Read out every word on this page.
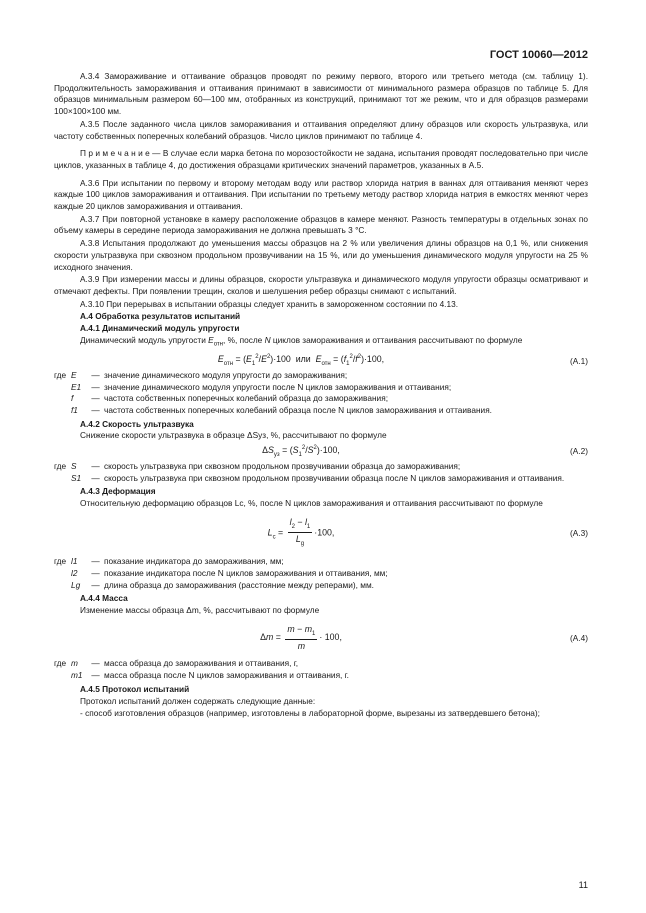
ГОСТ 10060—2012

А.3.4 Замораживание и оттаивание образцов проводят по режиму первого, второго или третьего метода (см. таблицу 1). Продолжительность замораживания и оттаивания принимают в зависимости от минимального размера образцов по таблице 5. Для образцов минимальным размером 60—100 мм, отобранных из конструкций, принимают тот же режим, что и для образцов размерами 100×100×100 мм.

А.3.5 После заданного числа циклов замораживания и оттаивания определяют длину образцов или скорость ультразвука, или частоту собственных поперечных колебаний образцов. Число циклов принимают по таблице 4.

П р и м е ч а н и е — В случае если марка бетона по морозостойкости не задана, испытания проводят последовательно при числе циклов, указанных в таблице 4, до достижения образцами критических значений параметров, указанных в А.5.

А.3.6 При испытании по первому и второму методам воду или раствор хлорида натрия в ваннах для оттаивания меняют через каждые 100 циклов замораживания и оттаивания. При испытании по третьему методу раствор хлорида натрия в емкостях меняют через каждые 20 циклов замораживания и оттаивания.

А.3.7 При повторной установке в камеру расположение образцов в камере меняют. Разность температуры в отдельных зонах по объему камеры в середине периода замораживания не должна превышать 3 °С.

А.3.8 Испытания продолжают до уменьшения массы образцов на 2 % или увеличения длины образцов на 0,1 %, или снижения скорости ультразвука при сквозном продольном прозвучивании на 15 %, или до уменьшения динамического модуля упругости на 25 % исходного значения.

А.3.9 При измерении массы и длины образцов, скорости ультразвука и динамического модуля упругости образцы осматривают и отмечают дефекты. При появлении трещин, сколов и шелушения ребер образцы снимают с испытаний.

А.3.10 При перерывах в испытании образцы следует хранить в замороженном состоянии по 4.13.

А.4 Обработка результатов испытаний

А.4.1 Динамический модуль упругости

Динамический модуль упругости $E_{отн}$, %, после N циклов замораживания и оттаивания рассчитывают по формуле

$E_{отн} = (E_1^2/E^2)\cdot 100$  или  $E_{отн} = (f_1^2/f^2)\cdot 100$,	(А.1)
где E	— значение динамического модуля упругости до замораживания;
E1	— значение динамического модуля упругости после N циклов замораживания и оттаивания;
f	— частота собственных поперечных колебаний образца до замораживания;
f1	— частота собственных поперечных колебаний образца после N циклов замораживания и оттаивания.

А.4.2 Скорость ультразвука

Снижение скорости ультразвука в образце ΔSуз, %, рассчитывают по формуле

$\Delta S_{уз} = (S_1^2/S^2)\cdot 100$,	(А.2)
где S	— скорость ультразвука при сквозном продольном прозвучивании образца до замораживания;
S1	— скорость ультразвука при сквозном продольном прозвучивании образца после N циклов замораживания и оттаивания.

А.4.3 Деформация

Относительную деформацию образцов Lc, %, после N циклов замораживания и оттаивания рассчитывают по формуле

$L_c = \frac{l_2 - l_1}{L_g} \cdot 100$,	(А.3)
где l1	— показание индикатора до замораживания, мм;
l2	— показание индикатора после N циклов замораживания и оттаивания, мм;
Lg	— длина образца до замораживания (расстояние между реперами), мм.

А.4.4 Масса

Изменение массы образца Δm, %, рассчитывают по формуле

$\Delta m = \frac{m - m_1}{m} \cdot 100$,	(А.4)
где m	— масса образца до замораживания и оттаивания, г,
m1	— масса образца после N циклов замораживания и оттаивания, г.

А.4.5 Протокол испытаний

Протокол испытаний должен содержать следующие данные:

- способ изготовления образцов (например, изготовлены в лабораторной форме, вырезаны из затвердевшего бетона);

11
